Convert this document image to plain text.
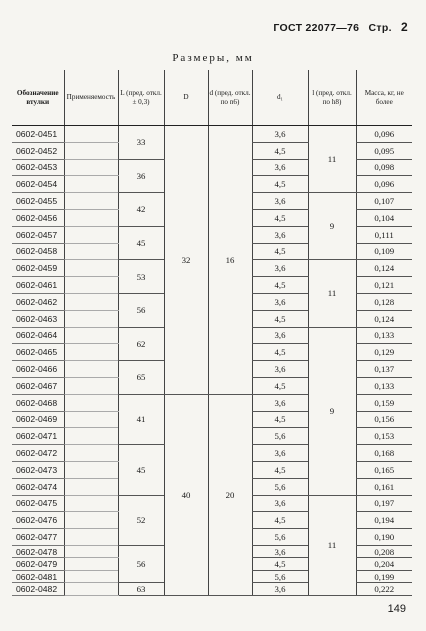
ГОСТ 22077—76 Стр. 2
Размеры, мм
Обозначение втулки	Применяемость	L (пред. откл. ± 0,3)	D	d (пред. откл. по n6)	d₁	l (пред. откл. по h8)	Масса, кг, не более
0602-0451		33	32	16	3,6	11	0,096
0602-0452					4,5		0,095
0602-0453		36			3,6		0,098
0602-0454					4,5		0,096
0602-0455		42			3,6	9	0,107
0602-0456					4,5		0,104
0602-0457		45			3,6		0,111
0602-0458					4,5		0,109
0602-0459		53			3,6	11	0,124
0602-0461					4,5		0,121
0602-0462		56			3,6		0,128
0602-0463					4,5		0,124
0602-0464		62			3,6	9	0,133
0602-0465					4,5		0,129
0602-0466		65			3,6		0,137
0602-0467					4,5		0,133
0602-0468		41	40	20	3,6		0,159
0602-0469					4,5		0,156
0602-0471					5,6		0,153
0602-0472		45			3,6		0,168
0602-0473					4,5		0,165
0602-0474					5,6		0,161
0602-0475		52			3,6	11	0,197
0602-0476					4,5		0,194
0602-0477					5,6		0,190
0602-0478		56			3,6		0,208
0602-0479					4,5		0,204
0602-0481					5,6		0,199
0602-0482		63			3,6		0,222
149
